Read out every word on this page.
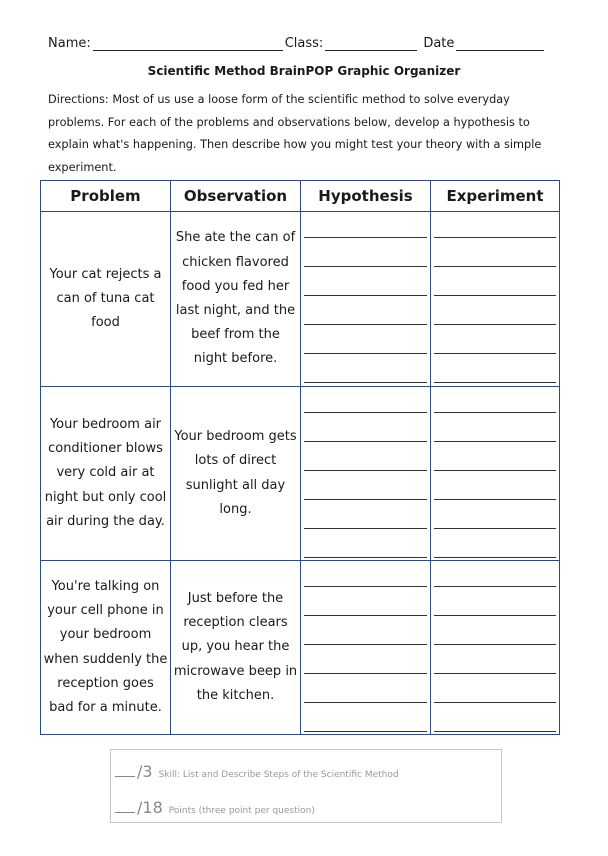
Name:	Class:	Date
Scientific Method BrainPOP Graphic Organizer
Directions: Most of us use a loose form of the scientific method to solve everyday problems. For each of the problems and observations below, develop a hypothesis to explain what's happening. Then describe how you might test your theory with a simple experiment.
Problem	Observation	Hypothesis	Experiment
Your cat rejects a can of tuna cat food	She ate the can of chicken flavored food you fed her last night, and the beef from the night before.	

Your bedroom air conditioner blows very cold air at night but only cool air during the day.	Your bedroom gets lots of direct sunlight all day long.	

You're talking on your cell phone in your bedroom when suddenly the reception goes bad for a minute.	Just before the reception clears up, you hear the microwave beep in the kitchen.	

/3 Skill: List and Describe Steps of the Scientific Method
/18 Points (three point per question)
